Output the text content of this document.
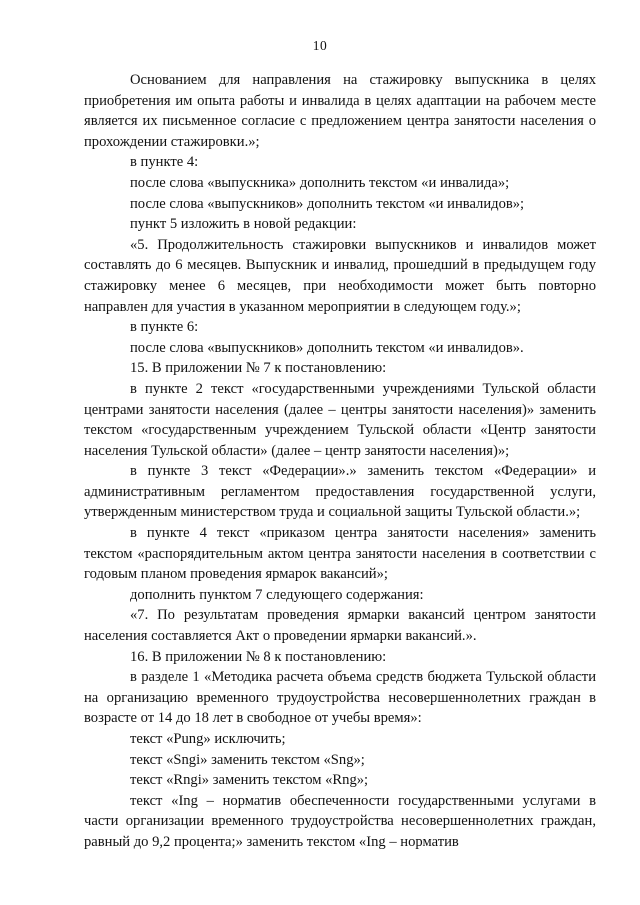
10

Основанием для направления на стажировку выпускника в целях приобретения им опыта работы и инвалида в целях адаптации на рабочем месте является их письменное согласие с предложением центра занятости населения о прохождении стажировки.»;

в пункте 4:

после слова «выпускника» дополнить текстом «и инвалида»;

после слова «выпускников» дополнить текстом «и инвалидов»;

пункт 5 изложить в новой редакции:

«5. Продолжительность стажировки выпускников и инвалидов может составлять до 6 месяцев. Выпускник и инвалид, прошедший в предыдущем году стажировку менее 6 месяцев, при необходимости может быть повторно направлен для участия в указанном мероприятии в следующем году.»;

в пункте 6:

после слова «выпускников» дополнить текстом «и инвалидов».

15. В приложении № 7 к постановлению:

в пункте 2 текст «государственными учреждениями Тульской области центрами занятости населения (далее – центры занятости населения)» заменить текстом «государственным учреждением Тульской области «Центр занятости населения Тульской области» (далее – центр занятости населения)»;

в пункте 3 текст «Федерации».» заменить текстом «Федерации» и административным регламентом предоставления государственной услуги, утвержденным министерством труда и социальной защиты Тульской области.»;

в пункте 4 текст «приказом центра занятости населения» заменить текстом «распорядительным актом центра занятости населения в соответствии с годовым планом проведения ярмарок вакансий»;

дополнить пунктом 7 следующего содержания:

«7. По результатам проведения ярмарки вакансий центром занятости населения составляется Акт о проведении ярмарки вакансий.».

16. В приложении № 8 к постановлению:

в разделе 1 «Методика расчета объема средств бюджета Тульской области на организацию временного трудоустройства несовершеннолетних граждан в возрасте от 14 до 18 лет в свободное от учебы время»:

текст «Pung» исключить;

текст «Sngi» заменить текстом «Sng»;

текст «Rngi» заменить текстом «Rng»;

текст «Ing – норматив обеспеченности государственными услугами в части организации временного трудоустройства несовершеннолетних граждан, равный до 9,2 процента;» заменить текстом «Ing – норматив
